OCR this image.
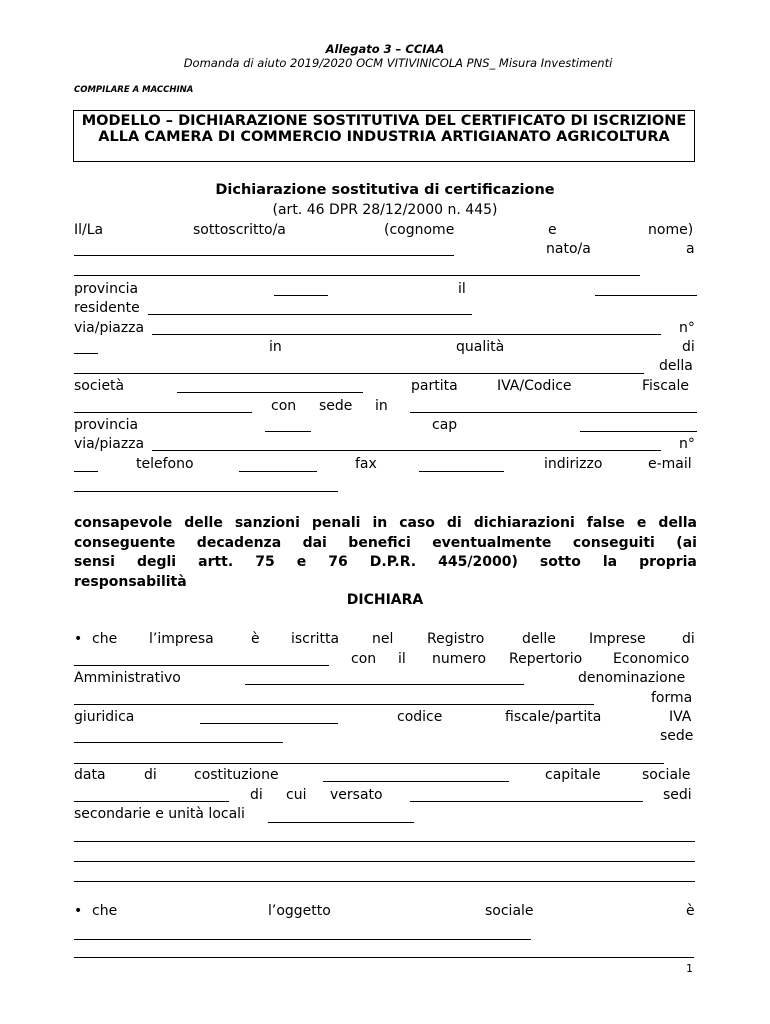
Allegato 3 – CCIAA
Domanda di aiuto 2019/2020 OCM VITIVINICOLA PNS_ Misura Investimenti
COMPILARE A MACCHINA
MODELLO – DICHIARAZIONE SOSTITUTIVA DEL CERTIFICATO DI ISCRIZIONE ALLA CAMERA DI COMMERCIO INDUSTRIA ARTIGIANATO AGRICOLTURA
Dichiarazione sostitutiva di certificazione
(art. 46 DPR 28/12/2000 n. 445)
Il/La	sottoscritto/a	(cognome	e	nome)
nato/a	a
provincia	il
residente
via/piazza	n°
in	qualità	di
della
società	partita	IVA/Codice	Fiscale
con sede in
provincia	cap
via/piazza	n°
telefono	fax	indirizzo	e-mail
consapevole delle sanzioni penali in caso di dichiarazioni false e della
conseguente decadenza dai benefici eventualmente conseguiti (ai
sensi degli artt. 75 e 76 D.P.R. 445/2000) sotto la propria
responsabilità
DICHIARA
• che l’impresa	è iscritta nel Registro	delle Imprese	di
con il numero Repertorio Economico
Amministrativo	denominazione
forma
giuridica	codice	fiscale/partita	IVA
sede
data	di	costituzione	capitale	sociale
di cui versato	sedi
secondarie e unità locali
• che	l’oggetto	sociale	è
1
